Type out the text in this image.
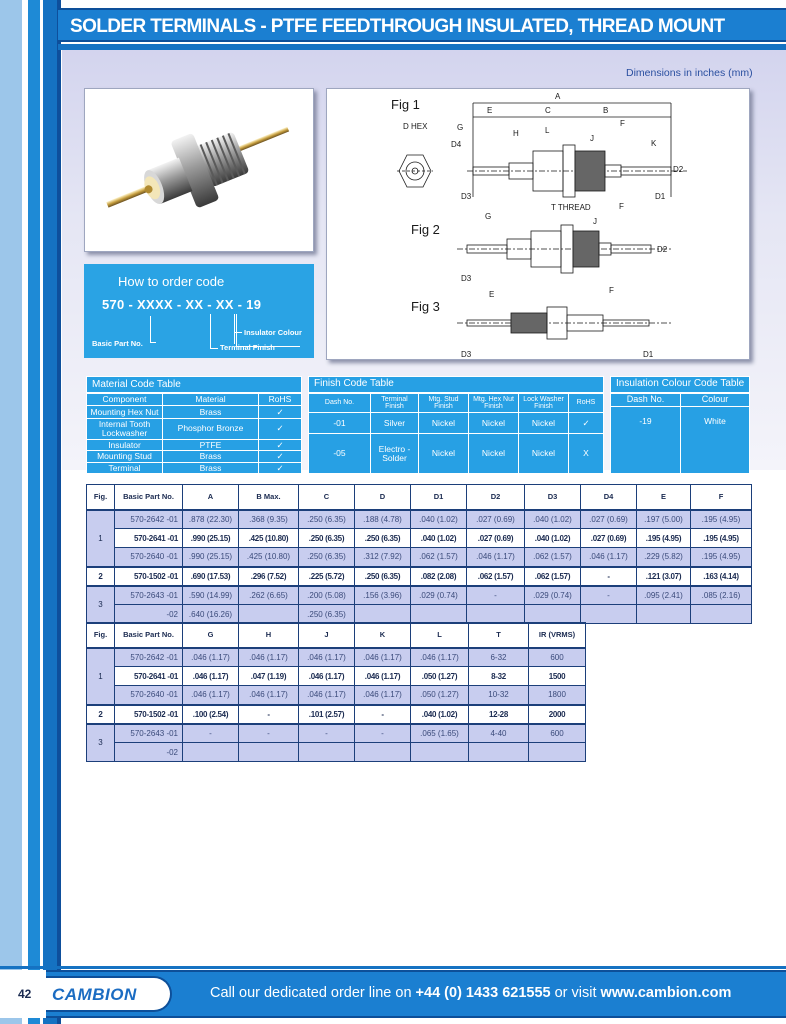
SOLDER TERMINALS - PTFE FEEDTHROUGH INSULATED, THREAD MOUNT
Dimensions in inches (mm)
Fig 1
Fig 2
Fig 3
A
E	C	B
D HEX	G
H	L
F
J
K
D4
D2
D3	D1
T THREAD
G
F
J
D2
D3
E	F
D3	D1
How to order code
570 - XXXX - XX - XX - 19
Insulator Colour
Terminal Finish
Basic Part No.
Material Code Table		
Component	Material	RoHS
Mounting Hex Nut	Brass	✓
Internal Tooth Lockwasher	Phosphor Bronze	✓
Insulator	PTFE	✓
Mounting Stud	Brass	✓
Terminal	Brass	✓
Finish Code Table					
Dash No.	Terminal Finish	Mtg. Stud Finish	Mtg. Hex Nut Finish	Lock Washer Finish	RoHS
-01	Silver	Nickel	Nickel	Nickel	✓
-05	Electro -Solder	Nickel	Nickel	Nickel	X
Insulation Colour Code Table	
Dash No.	Colour
-19	White
Fig.	Basic Part No.	A	B Max.	C	D	D1	D2	D3	D4	E	F
1	570-2642 -01	.878 (22.30)	.368 (9.35)	.250 (6.35)	.188 (4.78)	.040 (1.02)	.027 (0.69)	.040 (1.02)	.027 (0.69)	.197 (5.00)	.195 (4.95)
	570-2641 -01	.990 (25.15)	.425 (10.80)	.250 (6.35)	.250 (6.35)	.040 (1.02)	.027 (0.69)	.040 (1.02)	.027 (0.69)	.195 (4.95)	.195 (4.95)
	570-2640 -01	.990 (25.15)	.425 (10.80)	.250 (6.35)	.312 (7.92)	.062 (1.57)	.046 (1.17)	.062 (1.57)	.046 (1.17)	.229 (5.82)	.195 (4.95)
2	570-1502 -01	.690 (17.53)	.296 (7.52)	.225 (5.72)	.250 (6.35)	.082 (2.08)	.062 (1.57)	.062 (1.57)	-	.121 (3.07)	.163 (4.14)
3	570-2643 -01	.590 (14.99)	.262 (6.65)	.200 (5.08)	.156 (3.96)	.029 (0.74)	-	.029 (0.74)	-	.095 (2.41)	.085 (2.16)
	-02	.640 (16.26)		.250 (6.35)							
Fig.	Basic Part No.	G	H	J	K	L	T	IR (VRMS)
1	570-2642 -01	.046 (1.17)	.046 (1.17)	.046 (1.17)	.046 (1.17)	.046 (1.17)	6-32	600
	570-2641 -01	.046 (1.17)	.047 (1.19)	.046 (1.17)	.046 (1.17)	.050 (1.27)	8-32	1500
	570-2640 -01	.046 (1.17)	.046 (1.17)	.046 (1.17)	.046 (1.17)	.050 (1.27)	10-32	1800
2	570-1502 -01	.100 (2.54)	-	.101 (2.57)	-	.040 (1.02)	12-28	2000
3	570-2643 -01	-	-	-	-	.065 (1.65)	4-40	600
	-02							
42 CAMBION	Call our dedicated order line on +44 (0) 1433 621555 or visit www.cambion.com
